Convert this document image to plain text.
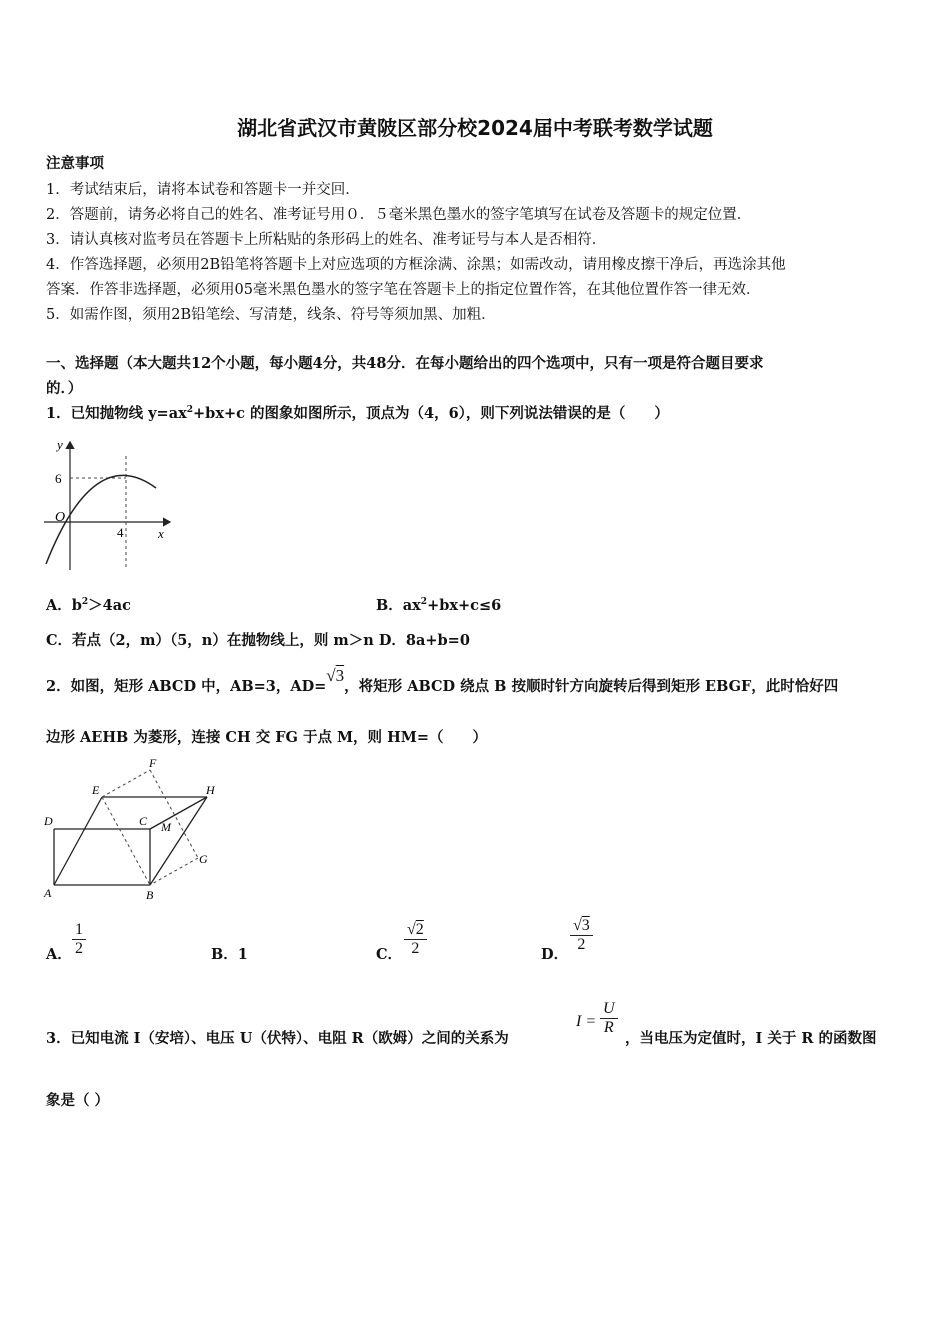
湖北省武汉市黄陂区部分校2024届中考联考数学试题
注意事项
1．考试结束后，请将本试卷和答题卡一并交回．
2．答题前，请务必将自己的姓名、准考证号用０．５毫米黑色墨水的签字笔填写在试卷及答题卡的规定位置．
3．请认真核对监考员在答题卡上所粘贴的条形码上的姓名、准考证号与本人是否相符．
4．作答选择题，必须用2B铅笔将答题卡上对应选项的方框涂满、涂黑；如需改动，请用橡皮擦干净后，再选涂其他
答案．作答非选择题，必须用05毫米黑色墨水的签字笔在答题卡上的指定位置作答，在其他位置作答一律无效．
5．如需作图，须用2B铅笔绘、写清楚，线条、符号等须加黑、加粗．
一、选择题（本大题共12个小题，每小题4分，共48分．在每小题给出的四个选项中，只有一项是符合题目要求
的．）
1．已知抛物线 $y=ax^2+bx+c$ 的图象如图所示，顶点为（4，6），则下列说法错误的是（　　）
y
x
O
6
4
A．$b^2>4ac$	B．$ax^2+bx+c\le 6$
C．若点（2，m）（5，n）在抛物线上，则 m＞n D．8a+b=0
2．如图，矩形 ABCD 中，AB=3，AD=√3，将矩形 ABCD 绕点 B 按顺时针方向旋转后得到矩形 EBGF，此时恰好四
边形 AEHB 为菱形，连接 CH 交 FG 于点 M，则 HM=（　　）
A	B
C
D
E
F
G
H
M
A． $\frac{1}{2}$	B．1	C． $\frac{√2}{2}$	D．
$\frac{√3}{2}$
3．已知电流 I（安培）、电压 U（伏特）、电阻 R（欧姆）之间的关系为
$I = \frac{U}{R}$
，当电压为定值时，I 关于 R 的函数图
象是（ ）
